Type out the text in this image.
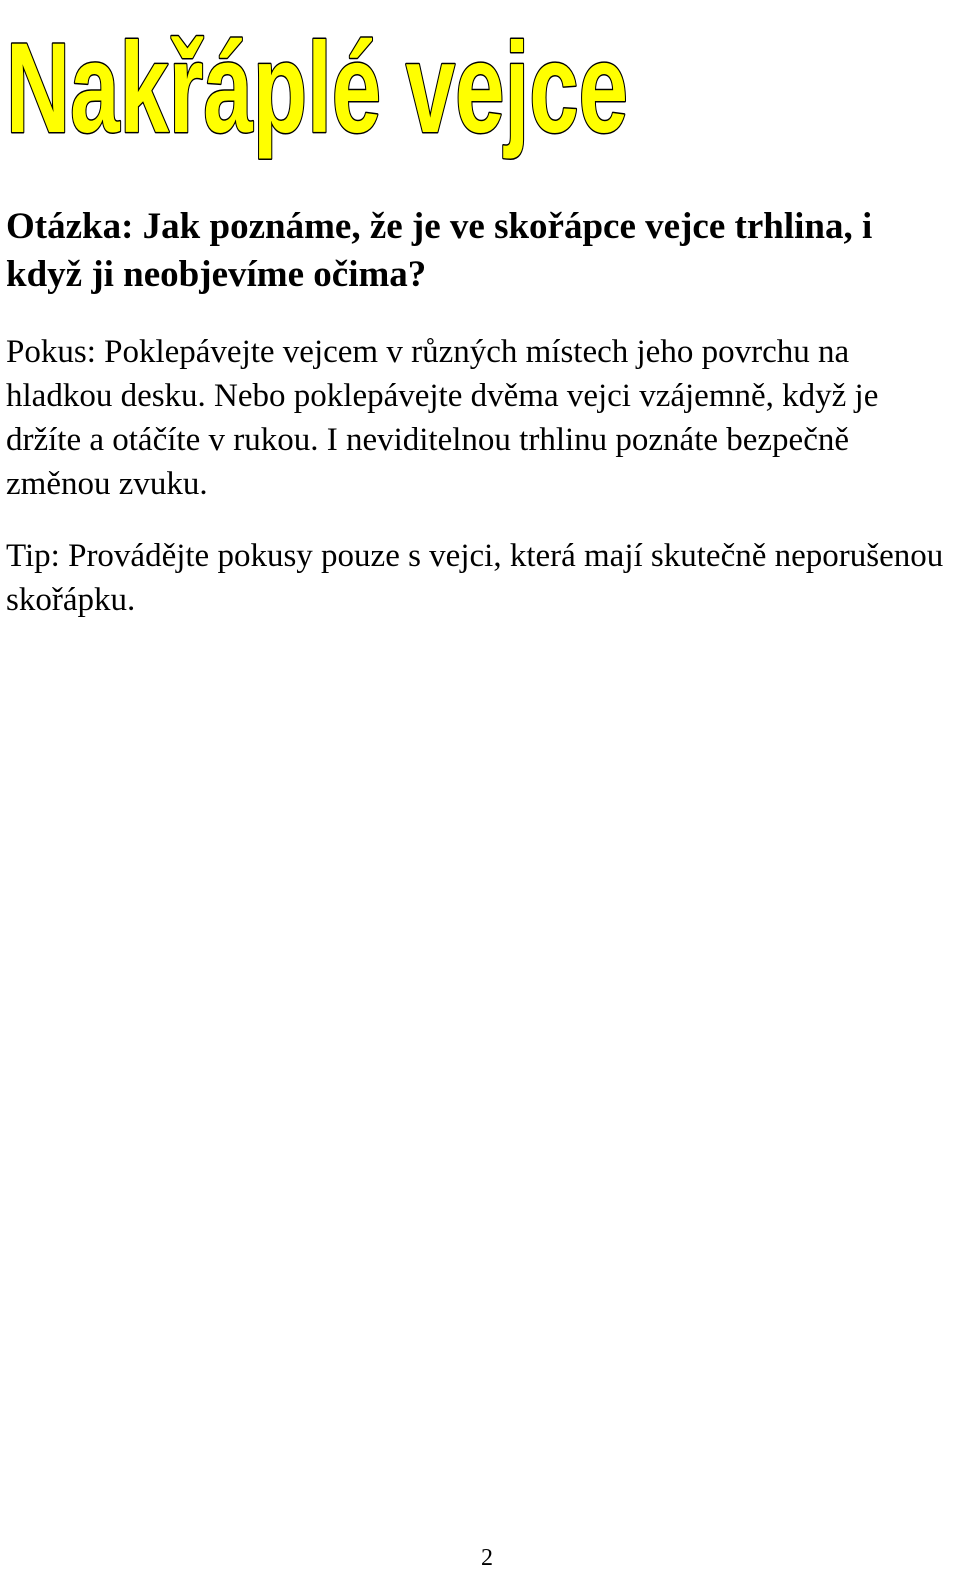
Nakřáplé vejce

Otázka: Jak poznáme, že je ve skořápce vejce trhlina, i když ji neobjevíme očima?

Pokus: Poklepávejte vejcem v různých místech jeho povrchu na hladkou desku. Nebo poklepávejte dvěma vejci vzájemně, když je držíte a otáčíte v rukou. I neviditelnou trhlinu poznáte bezpečně změnou zvuku.

Tip: Provádějte pokusy pouze s vejci, která mají skutečně neporušenou skořápku.

2
